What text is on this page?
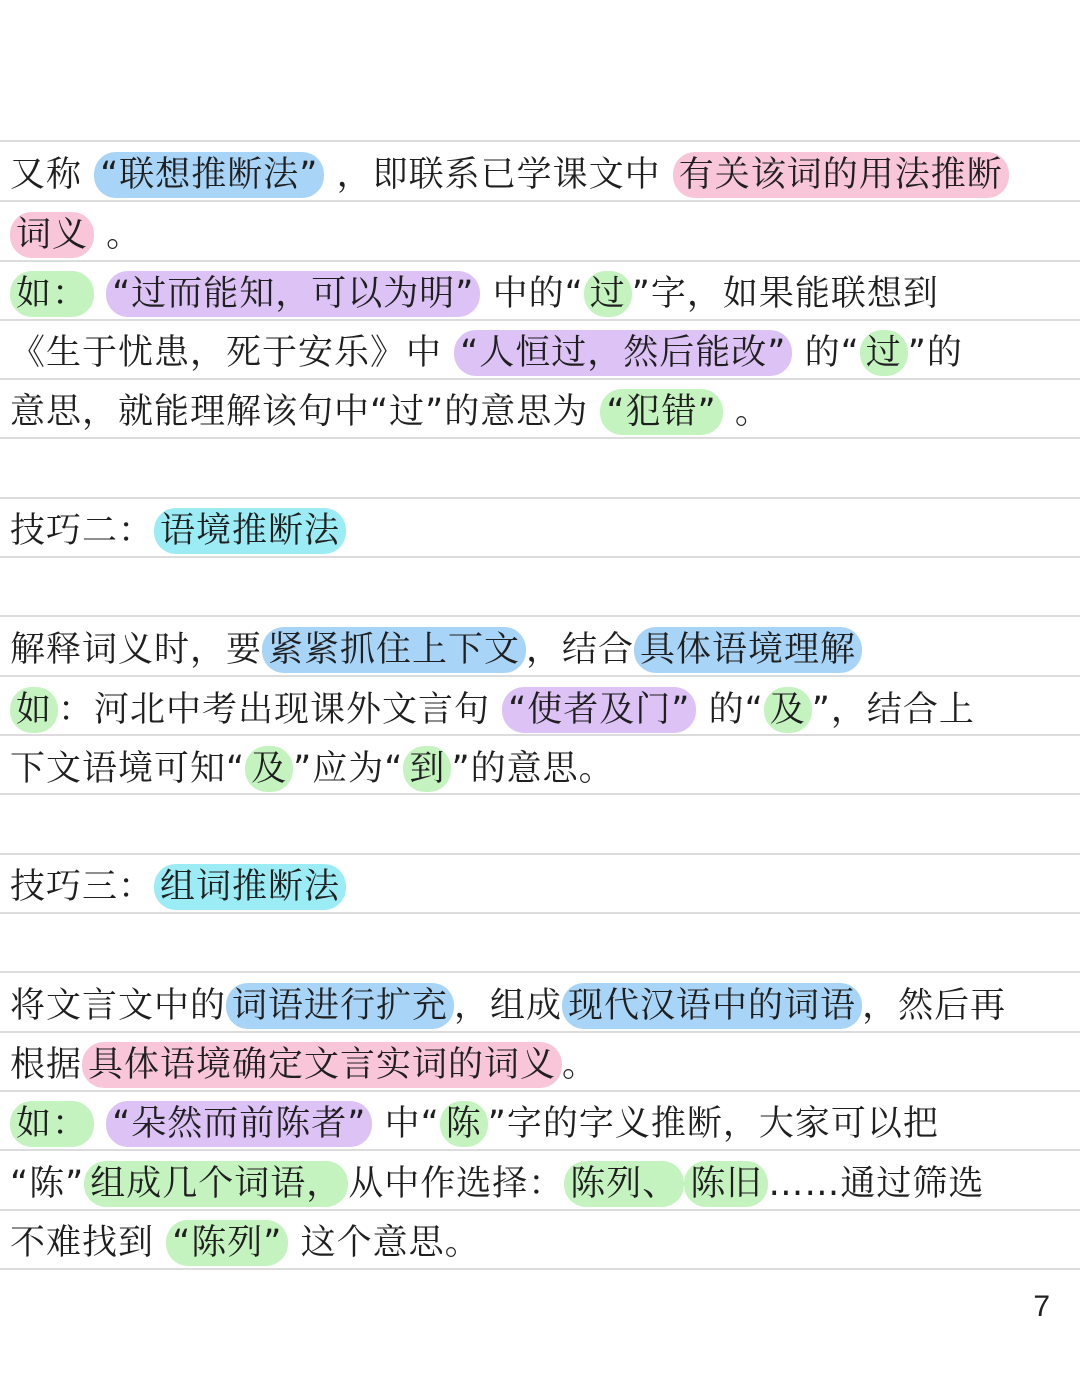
又称 “联想推断法” ，即联系已学课文中 有关该词的用法推断
词义 。
如： “过而能知，可以为明” 中的“ 过 ”字，如果能联想到
《生于忧患，死于安乐》中 “人恒过，然后能改” 的“ 过 ”的
意思，就能理解该句中“过”的意思为 “犯错” 。
技巧二： 语境推断法
解释词义时，要 紧紧抓住上下文 ，结合 具体语境理解
如 ：河北中考出现课外文言句 “使者及门” 的“ 及 ”，结合上
下文语境可知“ 及 ”应为“ 到 ”的意思。
技巧三： 组词推断法
将文言文中的 词语进行扩充 ，组成 现代汉语中的词语 ，然后再
根据 具体语境确定文言实词的词义 。
如： “朵然而前陈者” 中“ 陈 ”字的字义推断，大家可以把
“陈” 组成几个词语， 从中作选择： 陈列、 陈旧 ……通过筛选
不难找到 “陈列” 这个意思。
7
